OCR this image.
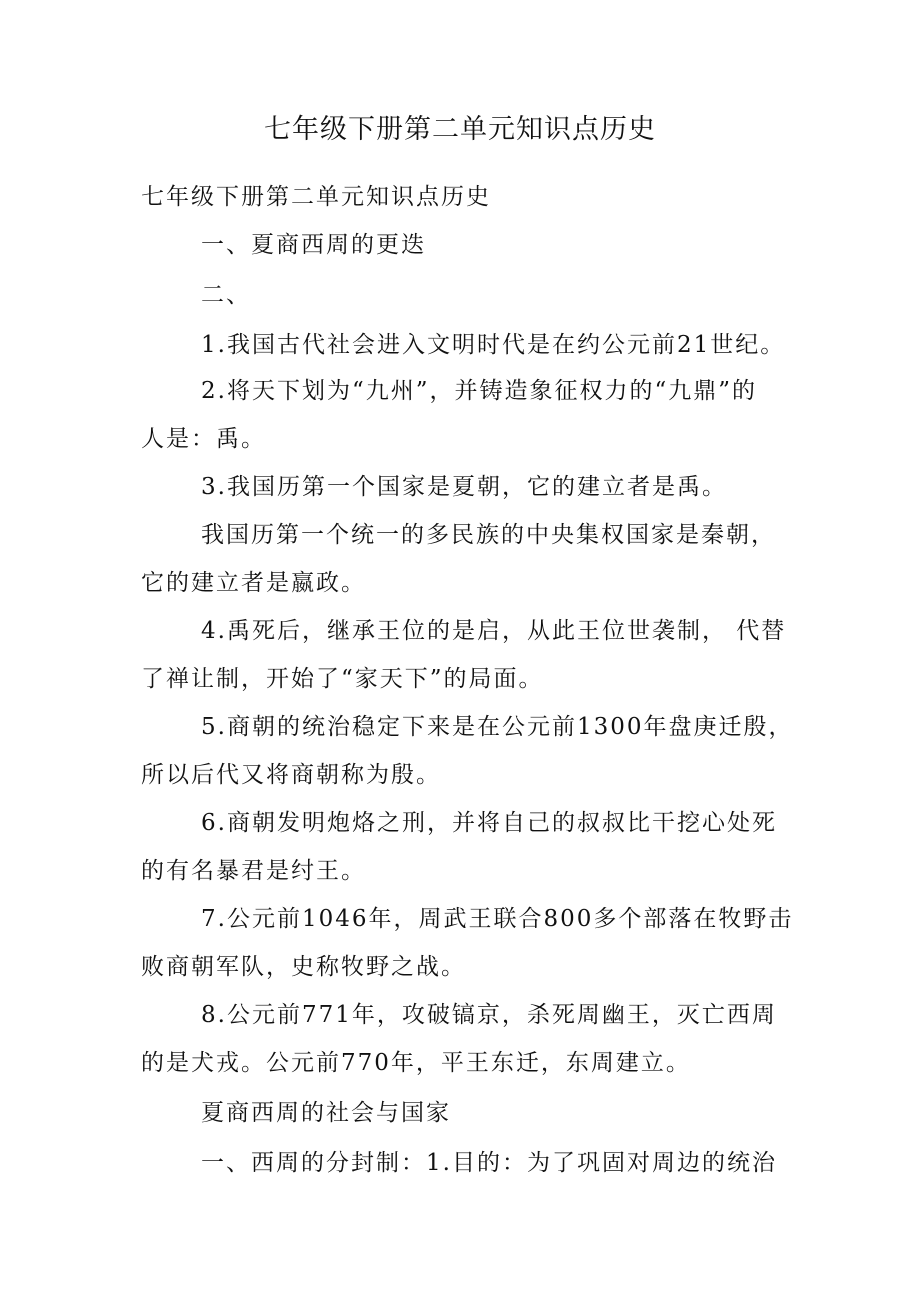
七年级下册第二单元知识点历史
七年级下册第二单元知识点历史
一、夏商西周的更迭
二、
1.我国古代社会进入文明时代是在约公元前21世纪。
2.将天下划为“九州”，并铸造象征权力的“九鼎”的
人是：禹。
3.我国历第一个国家是夏朝，它的建立者是禹。
我国历第一个统一的多民族的中央集权国家是秦朝，
它的建立者是嬴政。
4.禹死后，继承王位的是启，从此王位世袭制， 代替
了禅让制，开始了“家天下”的局面。
5.商朝的统治稳定下来是在公元前1300年盘庚迁殷，
所以后代又将商朝称为殷。
6.商朝发明炮烙之刑，并将自己的叔叔比干挖心处死
的有名暴君是纣王。
7.公元前1046年，周武王联合800多个部落在牧野击
败商朝军队，史称牧野之战。
8.公元前771年，攻破镐京，杀死周幽王，灭亡西周
的是犬戎。公元前770年，平王东迁，东周建立。
夏商西周的社会与国家
一、西周的分封制：1.目的：为了巩固对周边的统治
